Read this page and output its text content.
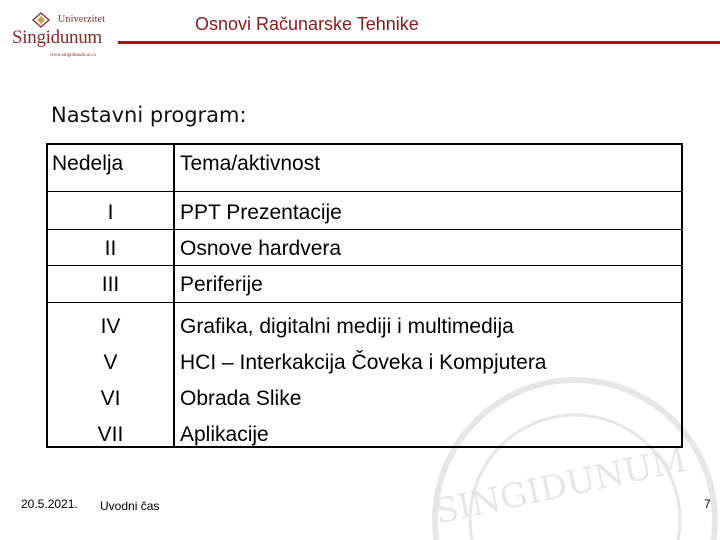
Univerzitet
Singidunum
www.singidunum.ac.rs
Osnovi Računarske Tehnike
SINGIDUNUM
Nastavni program:
Nedelja	Tema/aktivnost
I	PPT Prezentacije
II	Osnove hardvera
III	Periferije
IV	Grafika, digitalni mediji i multimedija
V	HCI – Interkakcija Čoveka i Kompjutera
VI	Obrada Slike
VII	Aplikacije
20.5.2021. Uvodni čas	7
